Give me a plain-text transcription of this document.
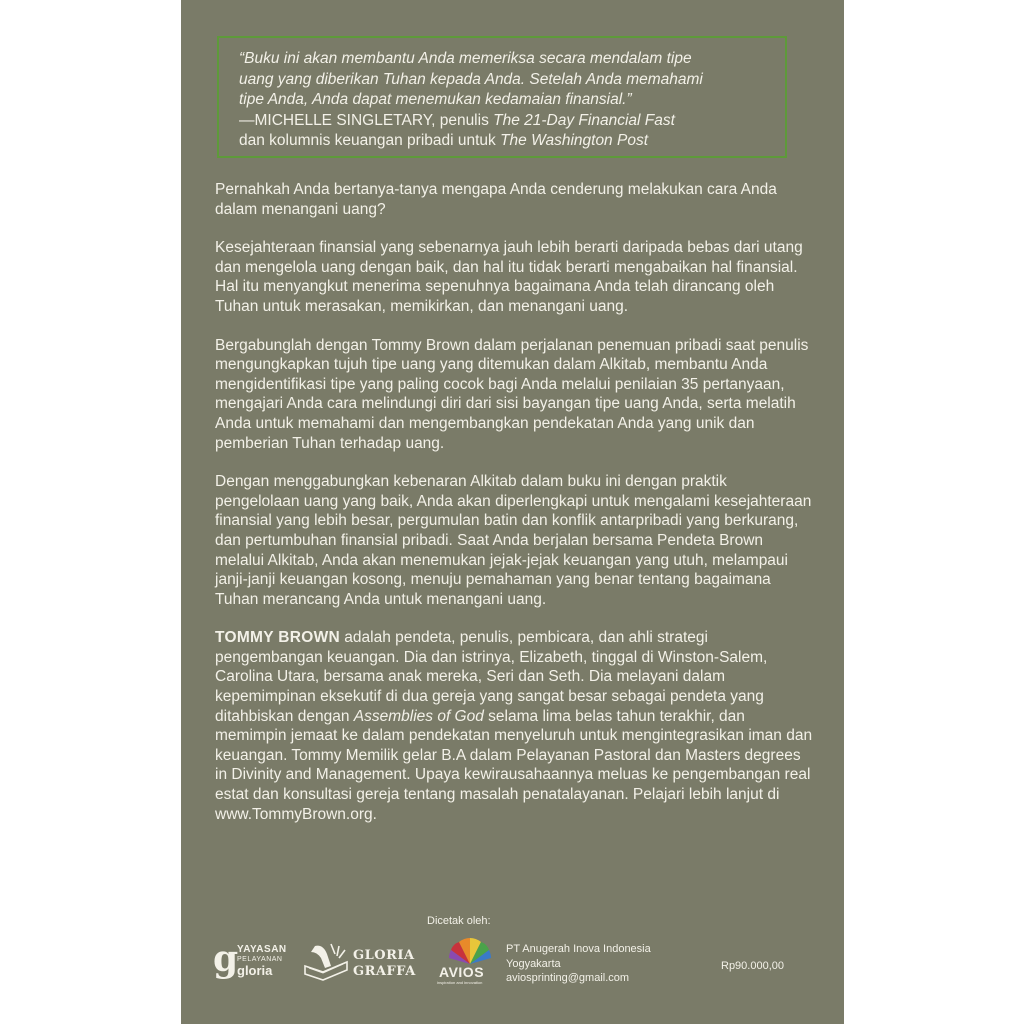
“Buku ini akan membantu Anda memeriksa secara mendalam tipe

uang yang diberikan Tuhan kepada Anda. Setelah Anda memahami

tipe Anda, Anda dapat menemukan kedamaian finansial.”

—MICHELLE SINGLETARY, penulis The 21-Day Financial Fast

dan kolumnis keuangan pribadi untuk The Washington Post

Pernahkah Anda bertanya-tanya mengapa Anda cenderung melakukan cara Anda dalam menangani uang?

Kesejahteraan finansial yang sebenarnya jauh lebih berarti daripada bebas dari utang dan mengelola uang dengan baik, dan hal itu tidak berarti mengabaikan hal finansial. Hal itu menyangkut menerima sepenuhnya bagaimana Anda telah dirancang oleh Tuhan untuk merasakan, memikirkan, dan menangani uang.

Bergabunglah dengan Tommy Brown dalam perjalanan penemuan pribadi saat penulis mengungkapkan tujuh tipe uang yang ditemukan dalam Alkitab, membantu Anda mengidentifikasi tipe yang paling cocok bagi Anda melalui penilaian 35 pertanyaan, mengajari Anda cara melindungi diri dari sisi bayangan tipe uang Anda, serta melatih Anda untuk memahami dan mengembangkan pendekatan Anda yang unik dan pemberian Tuhan terhadap uang.

Dengan menggabungkan kebenaran Alkitab dalam buku ini dengan praktik pengelolaan uang yang baik, Anda akan diperlengkapi untuk mengalami kesejahteraan finansial yang lebih besar, pergumulan batin dan konflik antarpribadi yang berkurang, dan pertumbuhan finansial pribadi. Saat Anda berjalan bersama Pendeta Brown melalui Alkitab, Anda akan menemukan jejak-jejak keuangan yang utuh, melampaui janji-janji keuangan kosong, menuju pemahaman yang benar tentang bagaimana Tuhan merancang Anda untuk menangani uang.

TOMMY BROWN adalah pendeta, penulis, pembicara, dan ahli strategi pengembangan keuangan. Dia dan istrinya, Elizabeth, tinggal di Winston-Salem, Carolina Utara, bersama anak mereka, Seri dan Seth. Dia melayani dalam kepemimpinan eksekutif di dua gereja yang sangat besar sebagai pendeta yang ditahbiskan dengan Assemblies of God selama lima belas tahun terakhir, dan memimpin jemaat ke dalam pendekatan menyeluruh untuk mengintegrasikan iman dan keuangan. Tommy Memilik gelar B.A dalam Pelayanan Pastoral dan Masters degrees in Divinity and Management. Upaya kewirausahaannya meluas ke pengembangan real estat dan konsultasi gereja tentang masalah penatalayanan. Pelajari lebih lanjut di www.TommyBrown.org.

Dicetak oleh:
g
YAYASAN
PELAYANAN
gloria
GLORIA
GRAFFA AVIOS
inspiration and innovation
PT Anugerah Inova Indonesia
Yogyakarta
aviosprinting@gmail.com
Rp90.000,00
